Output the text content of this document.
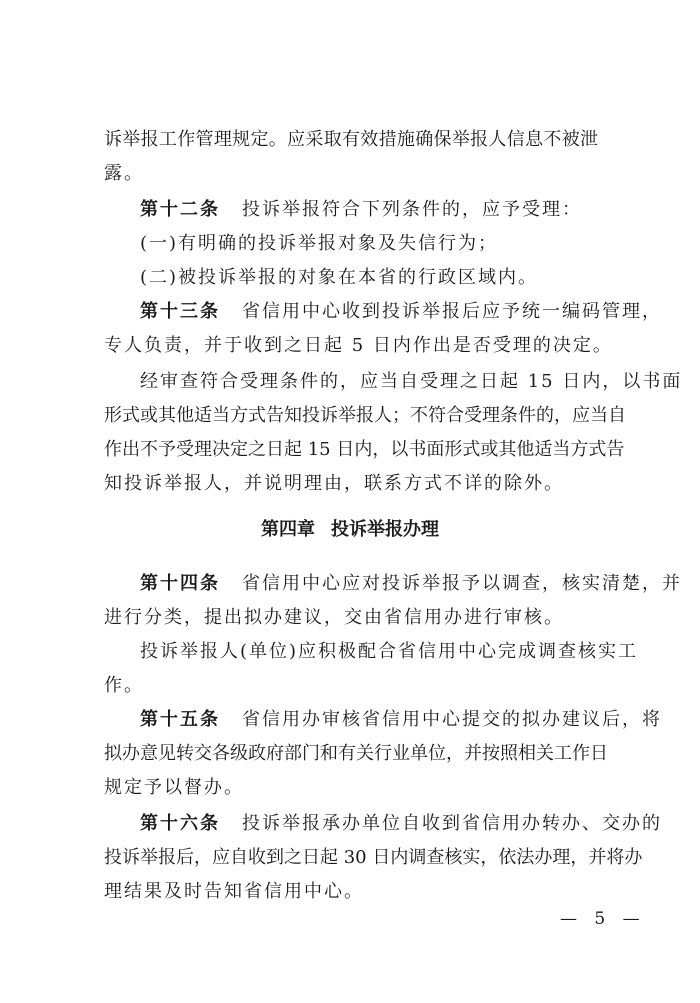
诉举报工作管理规定。应采取有效措施确保举报人信息不被泄
露。
第十二条 投诉举报符合下列条件的，应予受理：
(一)有明确的投诉举报对象及失信行为；
(二)被投诉举报的对象在本省的行政区域内。
第十三条 省信用中心收到投诉举报后应予统一编码管理，
专人负责，并于收到之日起 5 日内作出是否受理的决定。
经审查符合受理条件的，应当自受理之日起 15 日内，以书面
形式或其他适当方式告知投诉举报人；不符合受理条件的，应当自
作出不予受理决定之日起 15 日内，以书面形式或其他适当方式告
知投诉举报人，并说明理由，联系方式不详的除外。
第四章 投诉举报办理
第十四条 省信用中心应对投诉举报予以调查，核实清楚，并
进行分类，提出拟办建议，交由省信用办进行审核。
投诉举报人(单位)应积极配合省信用中心完成调查核实工
作。
第十五条 省信用办审核省信用中心提交的拟办建议后，将
拟办意见转交各级政府部门和有关行业单位，并按照相关工作日
规定予以督办。
第十六条 投诉举报承办单位自收到省信用办转办、交办的
投诉举报后，应自收到之日起 30 日内调查核实，依法办理，并将办
理结果及时告知省信用中心。
— 5 —
